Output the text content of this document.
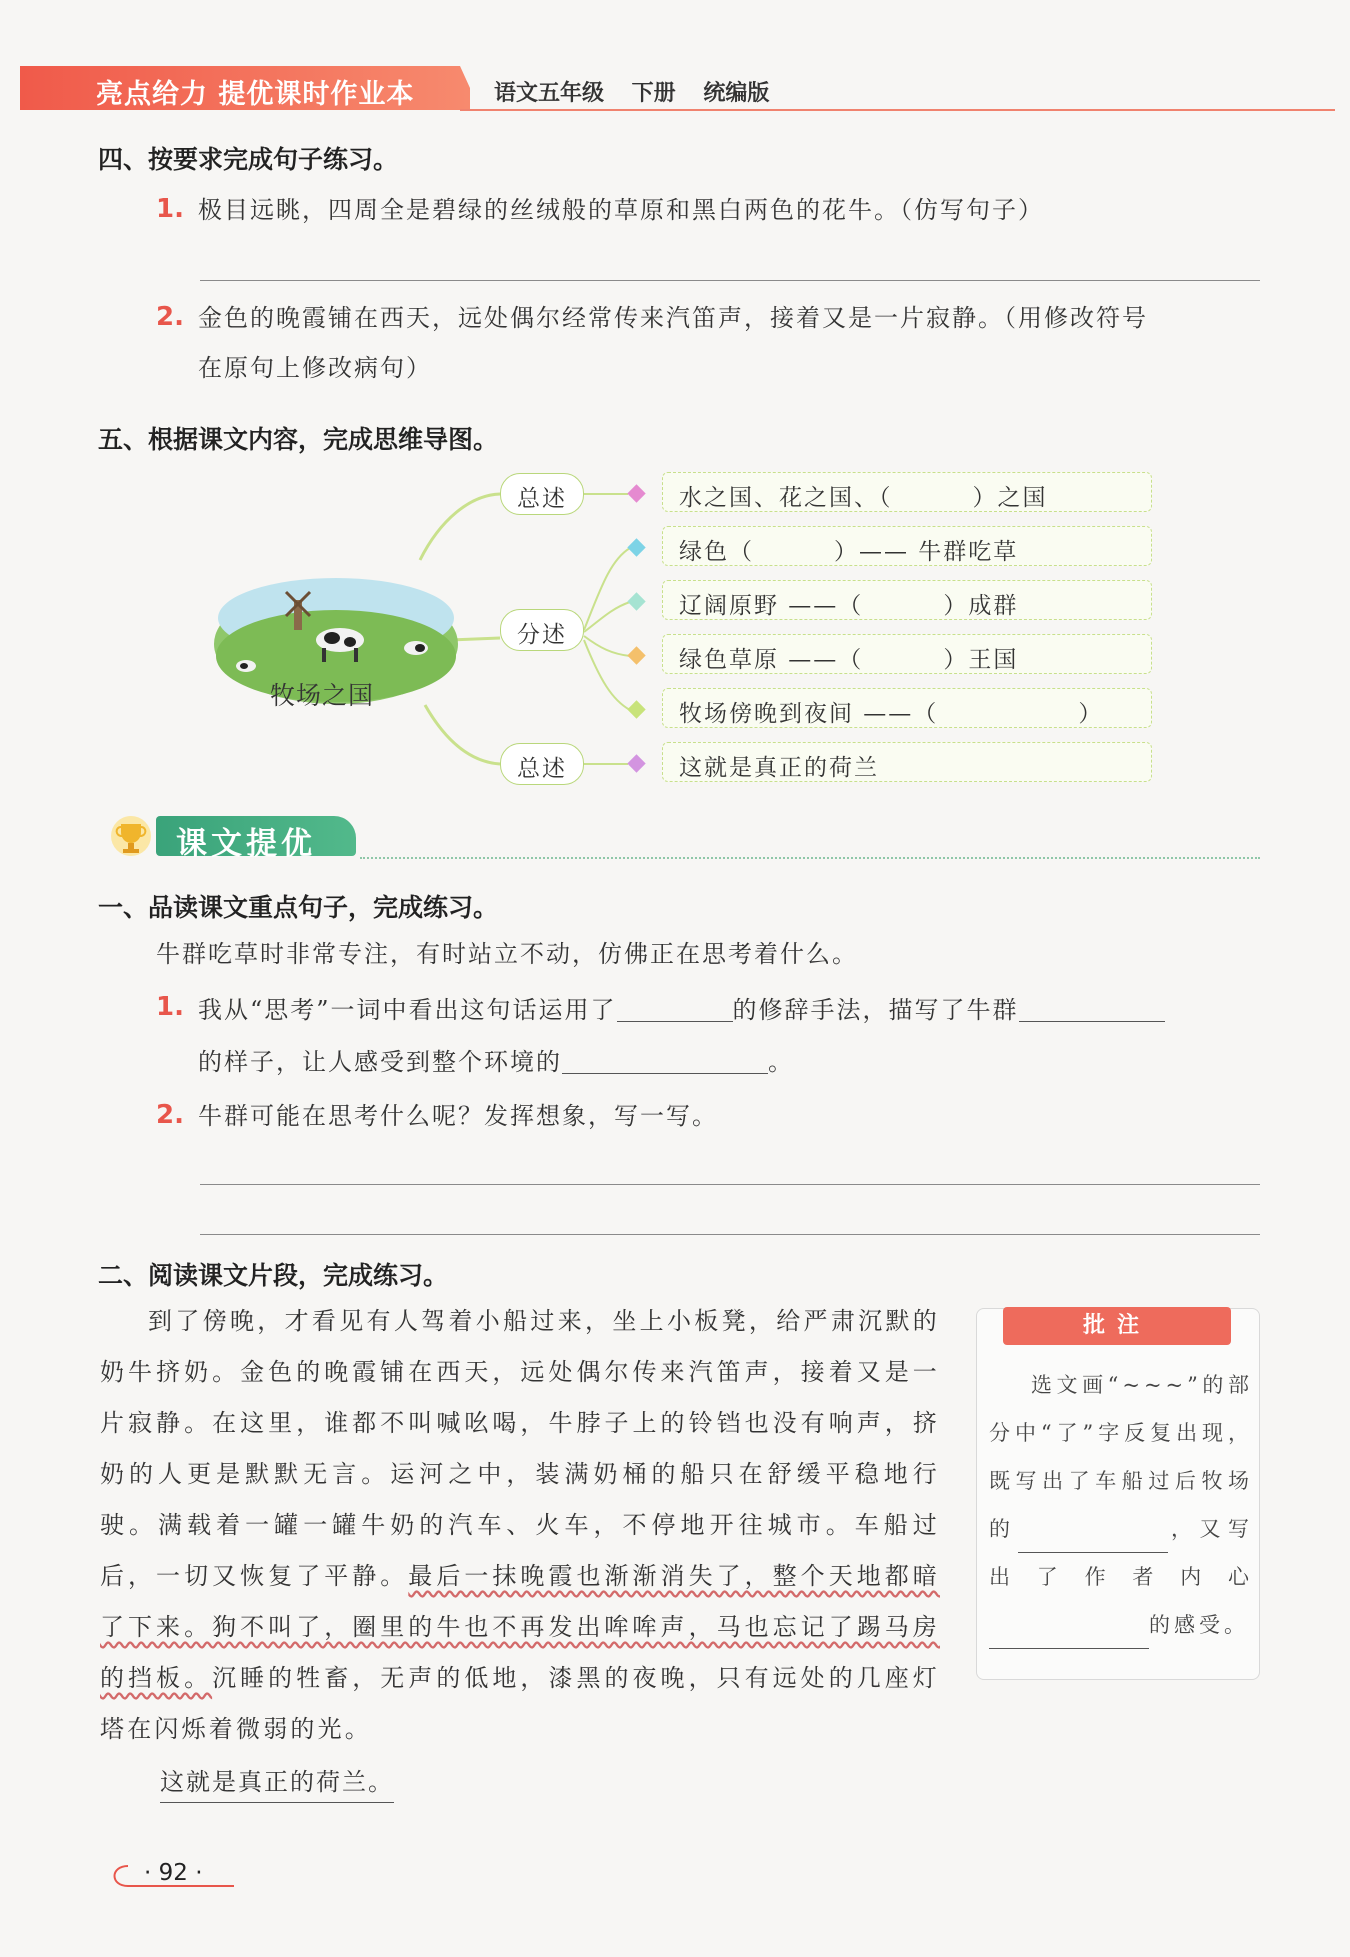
亮点给力 提优课时作业本	语文五年级 下册 统编版
四、按要求完成句子练习。
1. 极目远眺，四周全是碧绿的丝绒般的草原和黑白两色的花牛。（仿写句子）
2. 金色的晚霞铺在西天，远处偶尔经常传来汽笛声，接着又是一片寂静。（用修改符号
在原句上修改病句）
五、根据课文内容，完成思维导图。
牧场之国
总述
分述
总述
水之国、花之国、（	）之国
绿色（	）—— 牛群吃草
辽阔原野 ——（	）成群
绿色草原 ——（	）王国
牧场傍晚到夜间 ——（	）
这就是真正的荷兰
课文提优
一、品读课文重点句子，完成练习。
牛群吃草时非常专注，有时站立不动，仿佛正在思考着什么。
1. 我从“思考”一词中看出这句话运用了	的修辞手法，描写了牛群
的样子，让人感受到整个环境的	。
2. 牛群可能在思考什么呢？发挥想象，写一写。
二、阅读课文片段，完成练习。
到了傍晚，才看见有人驾着小船过来，坐上小板凳，给严肃沉默的奶牛挤奶。金色的晚霞铺在西天，远处偶尔传来汽笛声，接着又是一片寂静。在这里，谁都不叫喊吆喝，牛脖子上的铃铛也没有响声，挤奶的人更是默默无言。运河之中，装满奶桶的船只在舒缓平稳地行驶。满载着一罐一罐牛奶的汽车、火车，不停地开往城市。车船过后，一切又恢复了平静。最后一抹晚霞也渐渐消失了，整个天地都暗了下来。狗不叫了，圈里的牛也不再发出哞哞声，马也忘记了踢马房的挡板。沉睡的牲畜，无声的低地，漆黑的夜晚，只有远处的几座灯塔在闪烁着微弱的光。
这就是真正的荷兰。
批注
选文画“~~~”的部分中“了”字反复出现，既写出了车船过后牧场的	，又写出了作者内心的感受。
· 92 ·
